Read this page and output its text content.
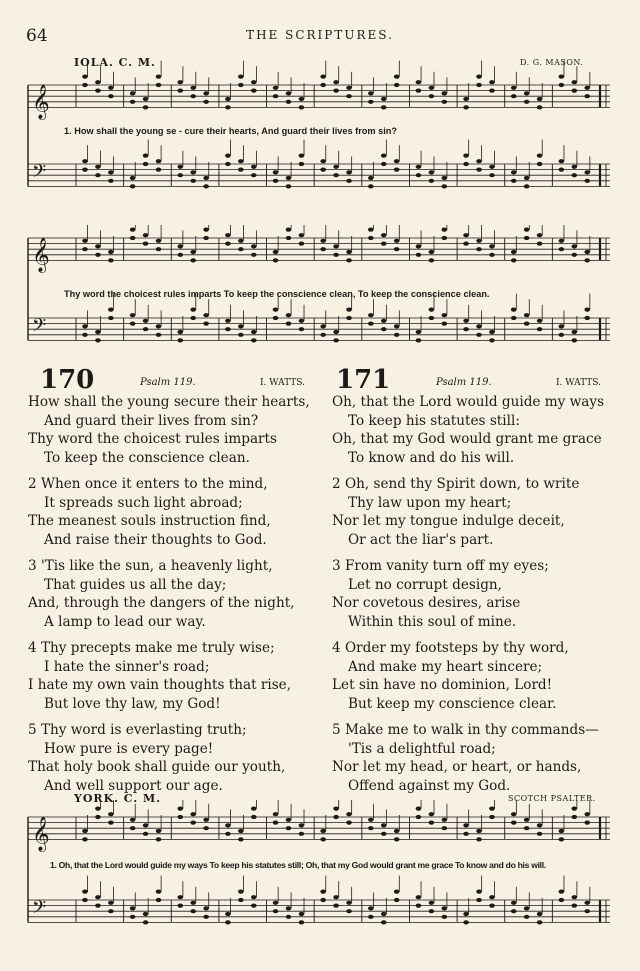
64	THE SCRIPTURES.
IOLA. C. M.	D. G. MASON.
𝄞
𝄢
1. How shall the young se - cure their hearts, And guard their lives from sin?
𝄞
𝄢
Thy word the choicest rules imparts To keep the conscience clean, To keep the conscience clean.
170	Psalm 119.	I. WATTS.
How shall the young secure their hearts,
And guard their lives from sin?
Thy word the choicest rules imparts
To keep the conscience clean.
2 When once it enters to the mind,
It spreads such light abroad;
The meanest souls instruction find,
And raise their thoughts to God.
3 'Tis like the sun, a heavenly light,
That guides us all the day;
And, through the dangers of the night,
A lamp to lead our way.
4 Thy precepts make me truly wise;
I hate the sinner's road;
I hate my own vain thoughts that rise,
But love thy law, my God!
5 Thy word is everlasting truth;
How pure is every page!
That holy book shall guide our youth,
And well support our age.
171	Psalm 119.	I. WATTS.
Oh, that the Lord would guide my ways
To keep his statutes still:
Oh, that my God would grant me grace
To know and do his will.
2 Oh, send thy Spirit down, to write
Thy law upon my heart;
Nor let my tongue indulge deceit,
Or act the liar's part.
3 From vanity turn off my eyes;
Let no corrupt design,
Nor covetous desires, arise
Within this soul of mine.
4 Order my footsteps by thy word,
And make my heart sincere;
Let sin have no dominion, Lord!
But keep my conscience clear.
5 Make me to walk in thy commands—
'Tis a delightful road;
Nor let my head, or heart, or hands,
Offend against my God.
YORK. C. M.	SCOTCH PSALTER.
𝄞
𝄢
1. Oh, that the Lord would guide my ways To keep his statutes still; Oh, that my God would grant me grace To know and do his will.
